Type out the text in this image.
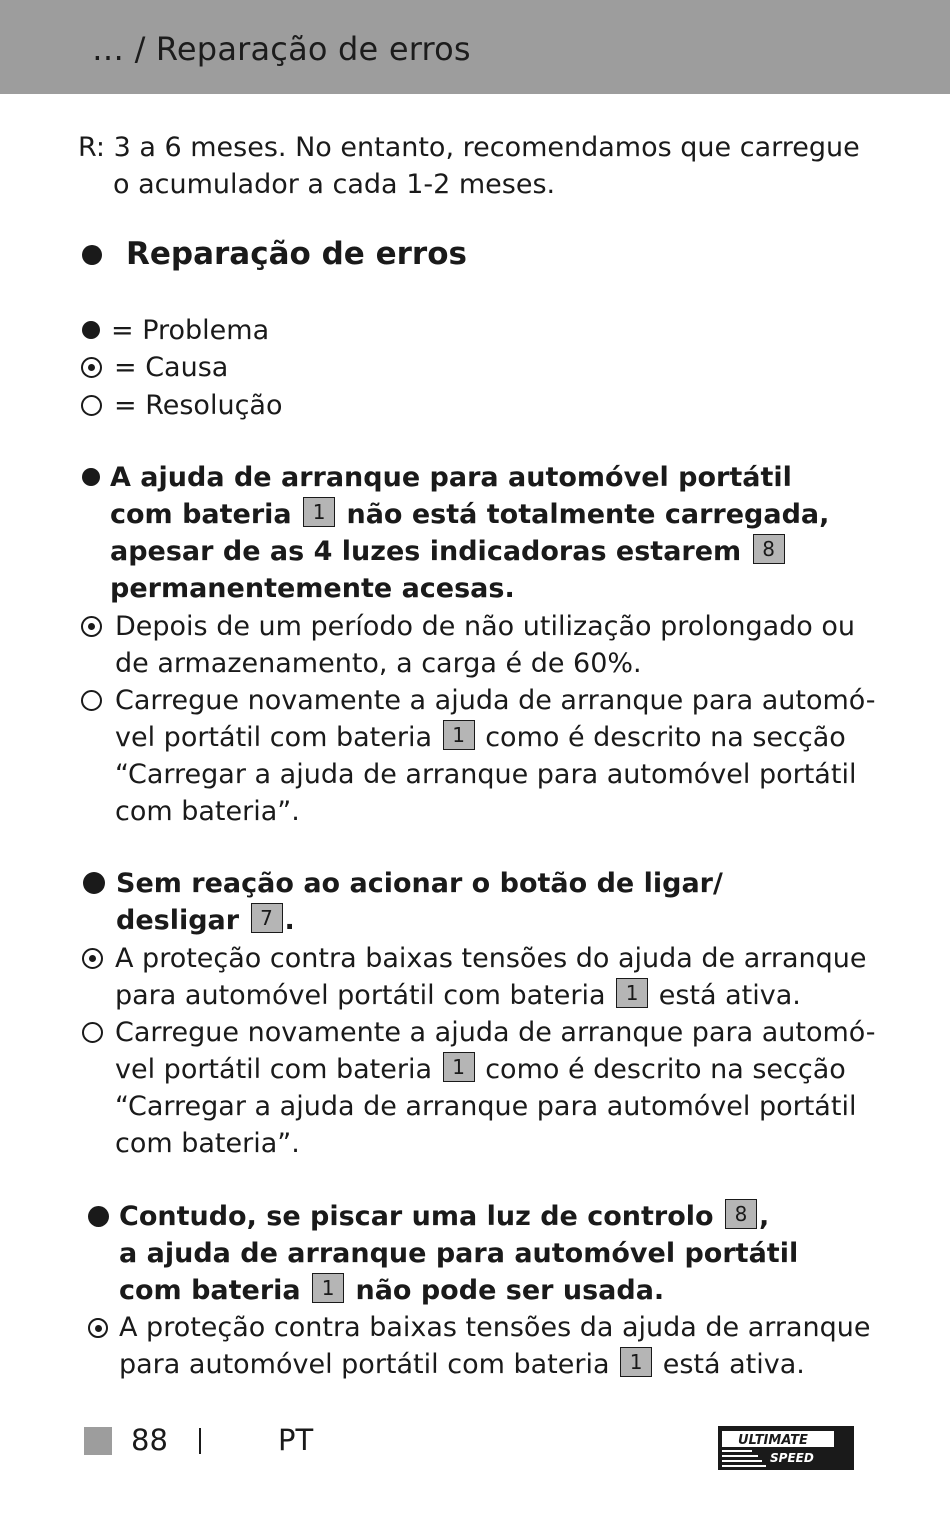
… / Reparação de erros
R: 3 a 6 meses. No entanto, recomendamos que carregue
o acumulador a cada 1-2 meses.
Reparação de erros
= Problema
= Causa
= Resolução
A ajuda de arranque para automóvel portátil
com bateria 1 não está totalmente carregada,
apesar de as 4 luzes indicadoras estarem 8
permanentemente acesas.
Depois de um período de não utilização prolongado ou
de armazenamento, a carga é de 60%.
Carregue novamente a ajuda de arranque para automó-
vel portátil com bateria 1 como é descrito na secção
“Carregar a ajuda de arranque para automóvel portátil
com bateria”.
Sem reação ao acionar o botão de ligar/
desligar 7 .
A proteção contra baixas tensões do ajuda de arranque
para automóvel portátil com bateria 1 está ativa.
Carregue novamente a ajuda de arranque para automó-
vel portátil com bateria 1 como é descrito na secção
“Carregar a ajuda de arranque para automóvel portátil
com bateria”.
Contudo, se piscar uma luz de controlo 8 ,
a ajuda de arranque para automóvel portátil
com bateria 1 não pode ser usada.
A proteção contra baixas tensões da ajuda de arranque
para automóvel portátil com bateria 1 está ativa.
88	PT	ULTIMATE
SPEED
